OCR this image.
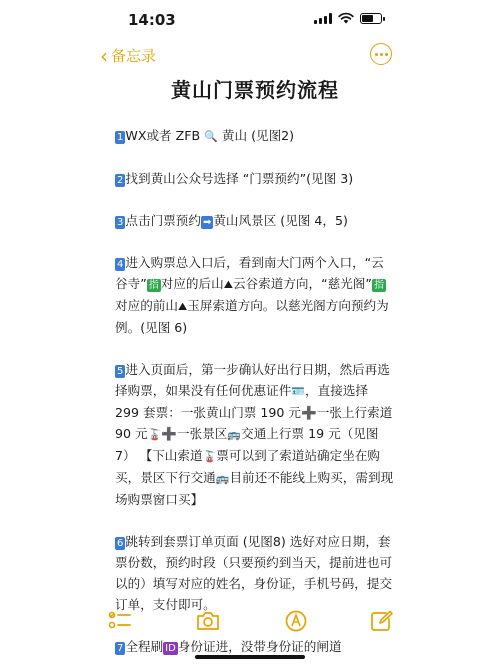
14:03
‹ 备忘录
黄山门票预约流程

1 WX或者 ZFB 🔍 黄山 (见图2)

2 找到黄山公众号选择 “门票预约”(见图 3)

3 点击门票预约 ➡ 黄山风景区 (见图 4，5)

4 进入购票总入口后，看到南大门两个入口，“云谷寺” 指 对应的后山⛰云谷索道方向，“慈光阁” 指对应的前山⛰玉屏索道方向。以慈光阁方向预约为例。(见图 6)

5 进入页面后，第一步确认好出行日期，然后再选择购票，如果没有任何优惠证件🪪，直接选择 299 套票：一张黄山门票 190 元➕一张上行索道 90 元🚡➕一张景区🚌交通上行票 19 元（见图7） 【下山索道🚡票可以到了索道站确定坐在购买，景区下行交通🚌目前还不能线上购买，需到现场购票窗口买】

6 跳转到套票订单页面 (见图8) 选好对应日期，套票份数，预约时段（只要预约到当天，提前进也可以的）填写对应的姓名，身份证，手机号码，提交订单，支付即可。

7 全程刷 ID 身份证进，没带身份证的闸道
